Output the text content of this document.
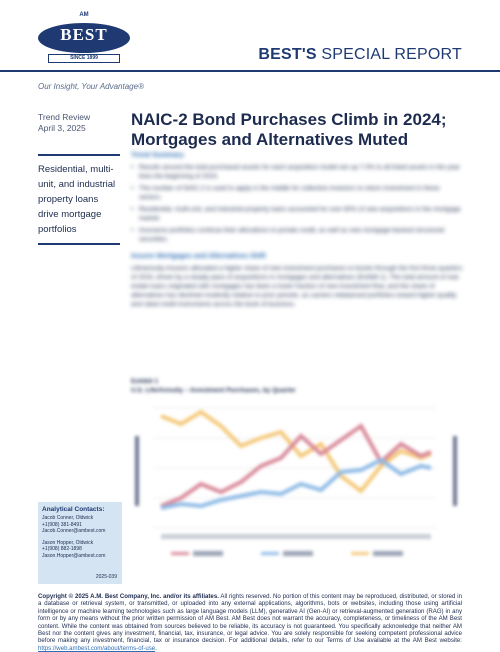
AM
BEST
SINCE 1899	BEST'S SPECIAL REPORT
Our Insight, Your Advantage®
Trend Review
April 3, 2025
Residential, multi-unit, and industrial property loans drive mortgage portfolios
NAIC-2 Bond Purchases Climb in 2024; Mortgages and Alternatives Muted
Trend Summary
• Results around the total purchased assets for each acquisition model are up 7.0% to all listed assets in the year lines the beginning of 2024.
• The number of NAIC-2 is used to apply in the middle for collective investors to return investment in these sectors.
• Residential, multi-unit, and industrial property loans accounted for over 80% of new acquisitions in the mortgage market.
• Insurance portfolios continue their allocations to private credit, as well as new mortgage-backed structured securities.
Insurer Mortgages and Alternatives Shift
Life/annuity insurers allocated a higher share of new investment purchases to bonds through the first three quarters of 2024, driven by a steady pace of acquisitions in mortgages and alternatives (Exhibit 1). The total amount of real estate loans originated with mortgages has been a lower fraction of new investment flow, and the share of alternatives has declined modestly relative to prior periods, as carriers rebalanced portfolios toward higher-quality and rated credit instruments across the book of business.
Exhibit 1
U.S. Life/Annuity – Investment Purchases, by Quarter
Analytical Contacts:
Jacob Conner, Oldwick
+1(908) 381-8491
Jacob.Conner@ambest.com
Jason Hopper, Oldwick
+1(908) 882-1898
Jason.Hopper@ambest.com
2025-039
Copyright © 2025 A.M. Best Company, Inc. and/or its affiliates. All rights reserved. No portion of this content may be reproduced, distributed, or stored in a database or retrieval system, or transmitted, or uploaded into any external applications, algorithms, bots or websites, including those using artificial intelligence or machine learning technologies such as large language models (LLM), generative AI (Gen-AI) or retrieval-augmented generation (RAG) in any form or by any means without the prior written permission of AM Best. AM Best does not warrant the accuracy, completeness, or timeliness of the AM Best content. While the content was obtained from sources believed to be reliable, its accuracy is not guaranteed. You specifically acknowledge that neither AM Best nor the content gives any investment, financial, tax, insurance, or legal advice. You are solely responsible for seeking competent professional advice before making any investment, financial, tax or insurance decision. For additional details, refer to our Terms of Use available at the AM Best website: https://web.ambest.com/about/terms-of-use.
